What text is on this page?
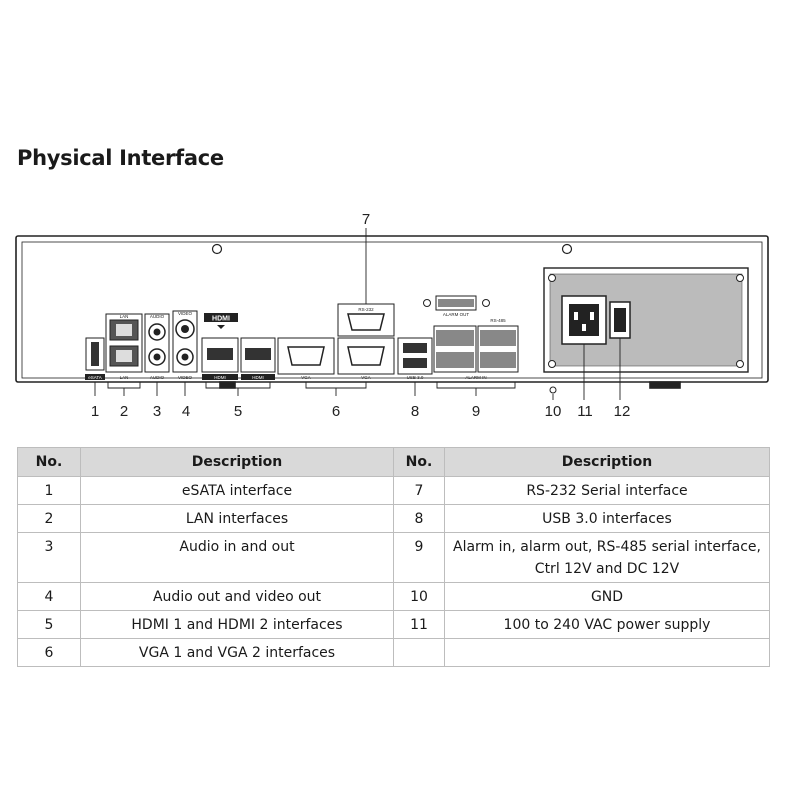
Physical Interface
eSATA
LAN
LAN
AUDIO
AUDIO
VIDEO
VIDEO
HDMI
HDMI	HDMI	VGA	VGA
RS-232
USB 3.0
ALARM OUT
ALARM IN
RS-485
1 2 3 4	5	6
7
8	9	10 11 12
No.	Description	No.	Description
1	eSATA interface	7	RS-232 Serial interface
2	LAN interfaces	8	USB 3.0 interfaces
3	Audio in and out	9	Alarm in, alarm out, RS-485 serial interface, Ctrl 12V and DC 12V
4	Audio out and video out	10	GND
5	HDMI 1 and HDMI 2 interfaces	11	100 to 240 VAC power supply
6	VGA 1 and VGA 2 interfaces		
